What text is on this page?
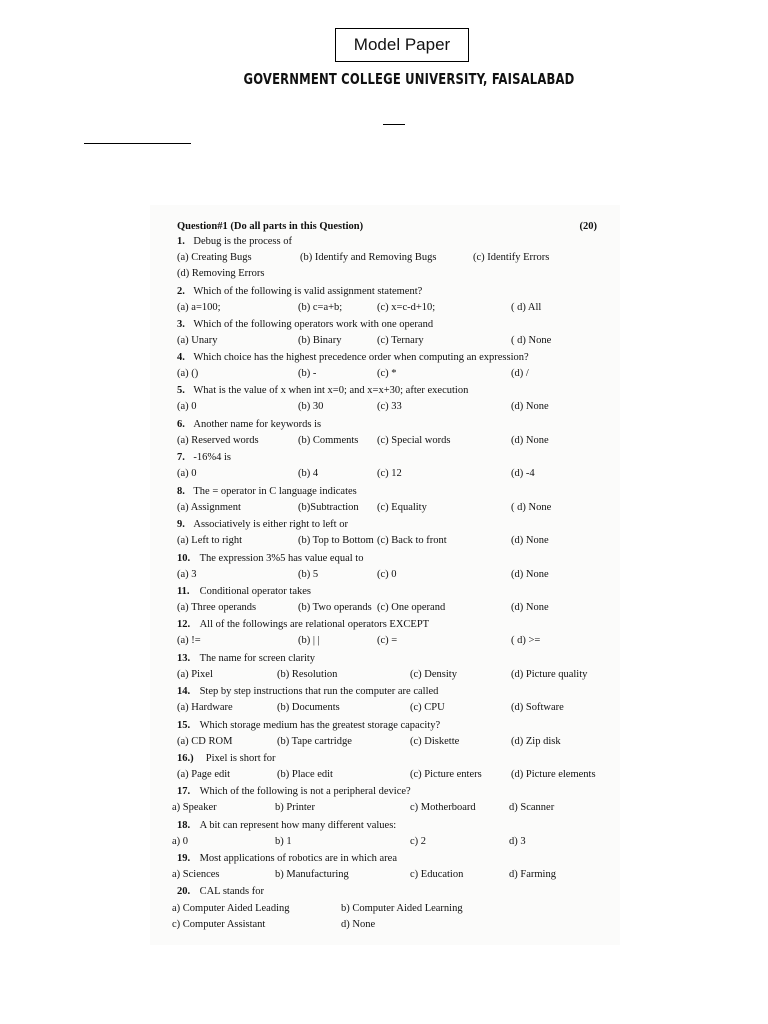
Model Paper
GOVERNMENT COLLEGE UNIVERSITY, FAISALABAD
Question#1 (Do all parts in this Question)	(20)
1. Debug is the process of
(a) Creating Bugs	(b) Identify and Removing Bugs	(c) Identify Errors
(d) Removing Errors
2. Which of the following is valid assignment statement?
(a) a=100;	(b) c=a+b;	(c) x=c-d+10;	( d) All
3. Which of the following operators work with one operand
(a) Unary	(b) Binary	(c) Ternary	( d) None
4. Which choice has the highest precedence order when computing an expression?
(a) ()	(b) -	(c) *	(d) /
5. What is the value of x when int x=0; and x=x+30; after execution
(a) 0	(b) 30	(c) 33	(d) None
6. Another name for keywords is
(a) Reserved words	(b) Comments (c) Special words	(d) None
7. -16%4 is
(a) 0	(b) 4	(c) 12	(d) -4
8. The = operator in C language indicates
(a) Assignment	(b)Subtraction (c) Equality	( d) None
9. Associatively is either right to left or
(a) Left to right	(b) Top to Bottom (c) Back to front	(d) None
10. The expression 3%5 has value equal to
(a) 3	(b) 5	(c) 0	(d) None
11. Conditional operator takes
(a) Three operands	(b) Two operands (c) One operand	(d) None
12. All of the followings are relational operators EXCEPT
(a) !=	(b) | |	(c) =	( d) >=
13. The name for screen clarity
(a) Pixel	(b) Resolution	(c) Density	(d) Picture quality
14. Step by step instructions that run the computer are called
(a) Hardware	(b) Documents	(c) CPU	(d) Software
15. Which storage medium has the greatest storage capacity?
(a) CD ROM	(b) Tape cartridge	(c) Diskette	(d) Zip disk
16.) Pixel is short for
(a) Page edit	(b) Place edit	(c) Picture enters	(d) Picture elements
17. Which of the following is not a peripheral device?
a) Speaker	b) Printer	c) Motherboard	d) Scanner
18. A bit can represent how many different values:
a) 0	b) 1	c) 2	d) 3
19. Most applications of robotics are in which area
a) Sciences	b) Manufacturing	c) Education	d) Farming
20. CAL stands for
a) Computer Aided Leading	b) Computer Aided Learning
c) Computer Assistant	d) None
